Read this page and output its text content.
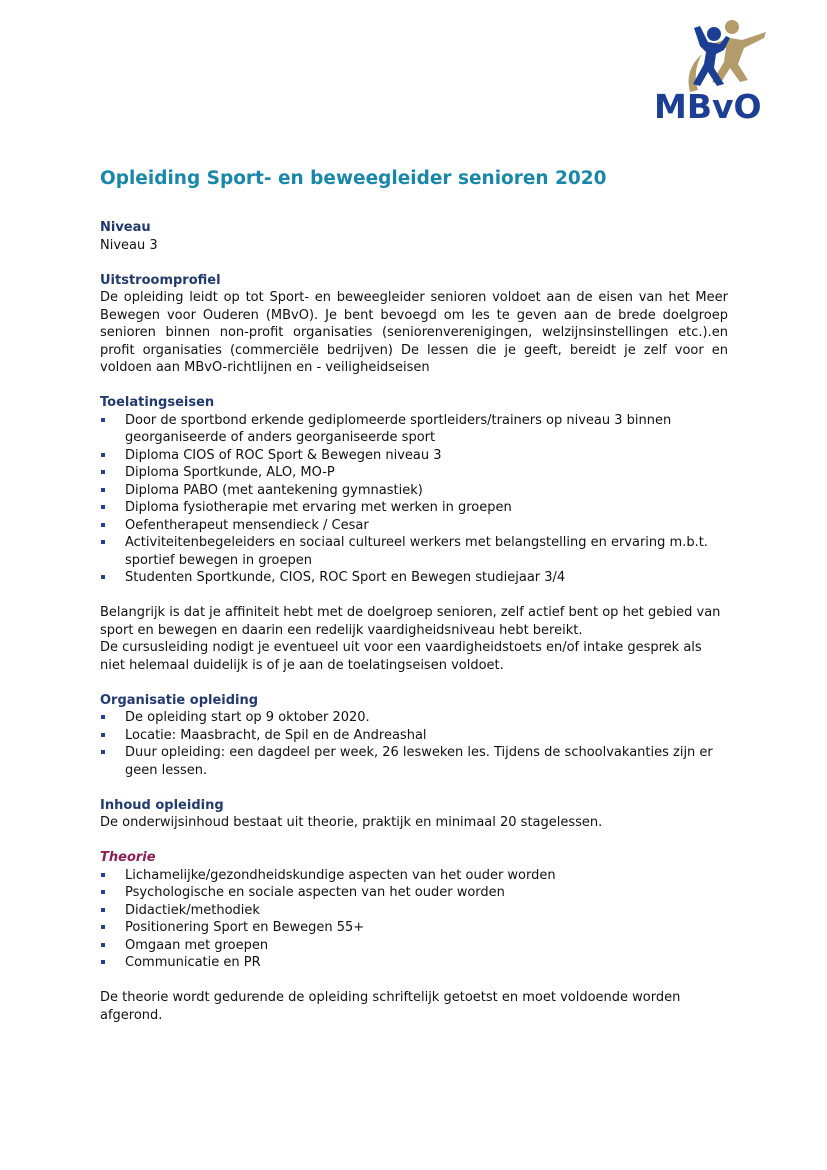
MBvO
Opleiding Sport- en beweegleider senioren 2020
Niveau
Niveau 3
Uitstroomprofiel

De opleiding leidt op tot Sport- en beweegleider senioren voldoet aan de eisen van het Meer Bewegen voor Ouderen (MBvO). Je bent bevoegd om les te geven aan de brede doelgroep senioren binnen non-profit organisaties (seniorenverenigingen, welzijnsinstellingen etc.).en profit organisaties (commerciële bedrijven) De lessen die je geeft, bereidt je zelf voor en voldoen aan MBvO-richtlijnen en - veiligheidseisen

Toelatingseisen
Door de sportbond erkende gediplomeerde sportleiders/trainers op niveau 3 binnen georganiseerde of anders georganiseerde sport
Diploma CIOS of ROC Sport & Bewegen niveau 3
Diploma Sportkunde, ALO, MO-P
Diploma PABO (met aantekening gymnastiek)
Diploma fysiotherapie met ervaring met werken in groepen
Oefentherapeut mensendieck / Cesar
Activiteitenbegeleiders en sociaal cultureel werkers met belangstelling en ervaring m.b.t. sportief bewegen in groepen
Studenten Sportkunde, CIOS, ROC Sport en Bewegen studiejaar 3/4

Belangrijk is dat je affiniteit hebt met de doelgroep senioren, zelf actief bent op het gebied van sport en bewegen en daarin een redelijk vaardigheidsniveau hebt bereikt.

De cursusleiding nodigt je eventueel uit voor een vaardigheidstoets en/of intake gesprek als niet helemaal duidelijk is of je aan de toelatingseisen voldoet.

Organisatie opleiding
De opleiding start op 9 oktober 2020.
Locatie: Maasbracht, de Spil en de Andreashal
Duur opleiding: een dagdeel per week, 26 lesweken les. Tijdens de schoolvakanties zijn er geen lessen.
Inhoud opleiding
De onderwijsinhoud bestaat uit theorie, praktijk en minimaal 20 stagelessen.
Theorie
Lichamelijke/gezondheidskundige aspecten van het ouder worden
Psychologische en sociale aspecten van het ouder worden
Didactiek/methodiek
Positionering Sport en Bewegen 55+
Omgaan met groepen
Communicatie en PR

De theorie wordt gedurende de opleiding schriftelijk getoetst en moet voldoende worden afgerond.
